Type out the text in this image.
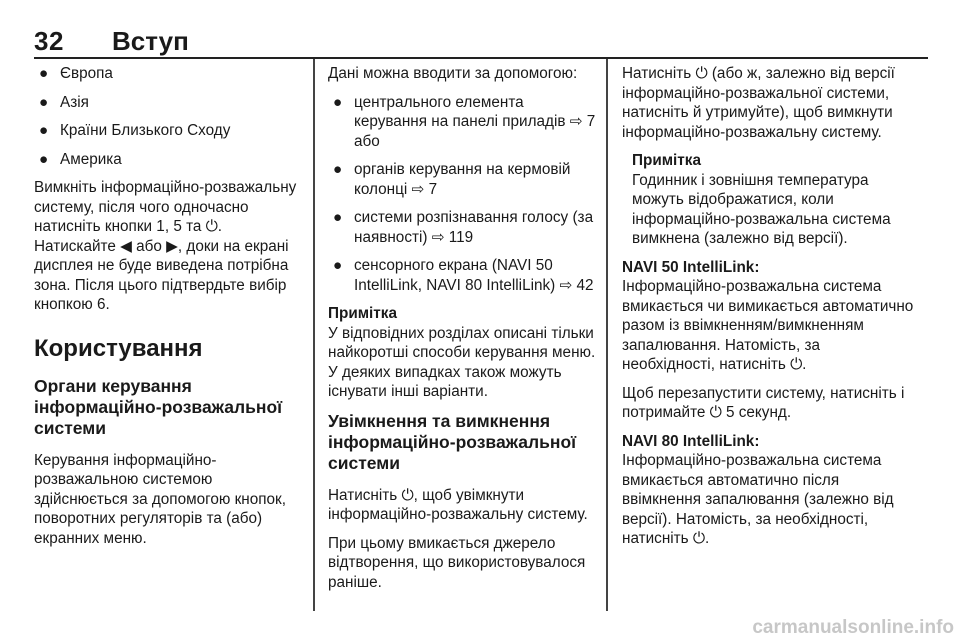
32 Вступ
● Європа
● Азія
● Країни Близького Сходу
● Америка

Вимкніть інформаційно-розважальну систему, після чого одночасно натисніть кнопки 1, 5 та ⏻. Натискайте ◀ або ▶, доки на екрані дисплея не буде виведена потрібна зона. Після цього підтвердьте вибір кнопкою 6.

Користування
Органи керування інформаційно-розважальної системи

Керування інформаційно-розважальною системою здійснюється за допомогою кнопок, поворотних регуляторів та (або) екранних меню.

Дані можна вводити за допомогою:

● центрального елемента керування на панелі приладів ⇨ 7 або
● органів керування на кермовій колонці ⇨ 7
● системи розпізнавання голосу (за наявності) ⇨ 119
● сенсорного екрана (NAVI 50 IntelliLink, NAVI 80 IntelliLink) ⇨ 42
Примітка
У відповідних розділах описані тільки найкоротші способи керування меню. У деяких випадках також можуть існувати інші варіанти.
Увімкнення та вимкнення інформаційно-розважальної системи

Натисніть ⏻, щоб увімкнути інформаційно-розважальну систему.

При цьому вмикається джерело відтворення, що використовувалося раніше.

Натисніть ⏻ (або ж, залежно від версії інформаційно-розважальної системи, натисніть й утримуйте), щоб вимкнути інформаційно-розважальну систему.

Примітка
Годинник і зовнішня температура можуть відображатися, коли інформаційно-розважальна система вимкнена (залежно від версії).
NAVI 50 IntelliLink:

Інформаційно-розважальна система вмикається чи вимикається автоматично разом із ввімкненням/вимкненням запалювання. Натомість, за необхідності, натисніть ⏻.

Щоб перезапустити систему, натисніть і потримайте ⏻ 5 секунд.

NAVI 80 IntelliLink:

Інформаційно-розважальна система вмикається автоматично після ввімкнення запалювання (залежно від версії). Натомість, за необхідності, натисніть ⏻.

carmanualsonline.info
